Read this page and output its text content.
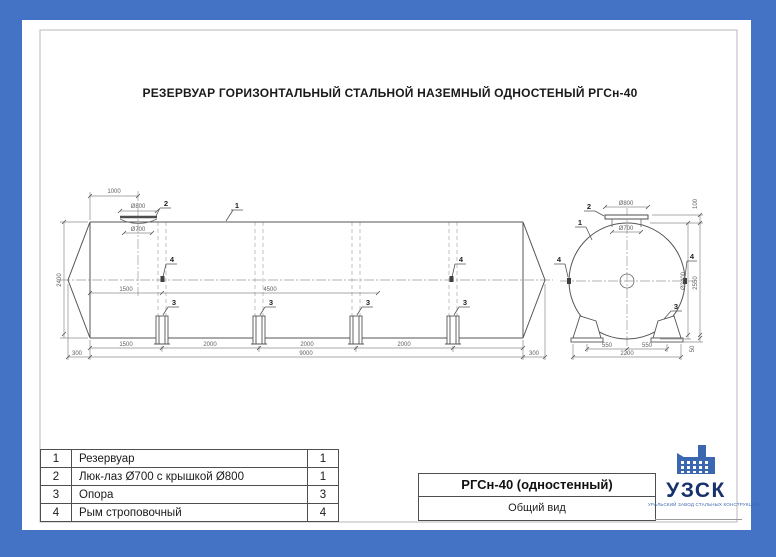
РЕЗЕРВУАР ГОРИЗОНТАЛЬНЫЙ СТАЛЬНОЙ НАЗЕМНЫЙ ОДНОСТЕНЫЙ РГСн-40
1000
Ø800
Ø700
1500	4500
2400
1500	2000	2000	2000
300	9000	300
1
2
3	3	3	3
4	4
Ø800
Ø700
100
Ø2400 2550
50
550	550
2200
1
2
3
4	4
1	Резервуар	1
2	Люк-лаз Ø700 с крышкой Ø800	1
3	Опора	3
4	Рым строповочный	4
РГСн-40 (одностенный)
Общий вид
УЗСК
УРАЛЬСКИЙ ЗАВОД СТАЛЬНЫХ КОНСТРУКЦИЙ
